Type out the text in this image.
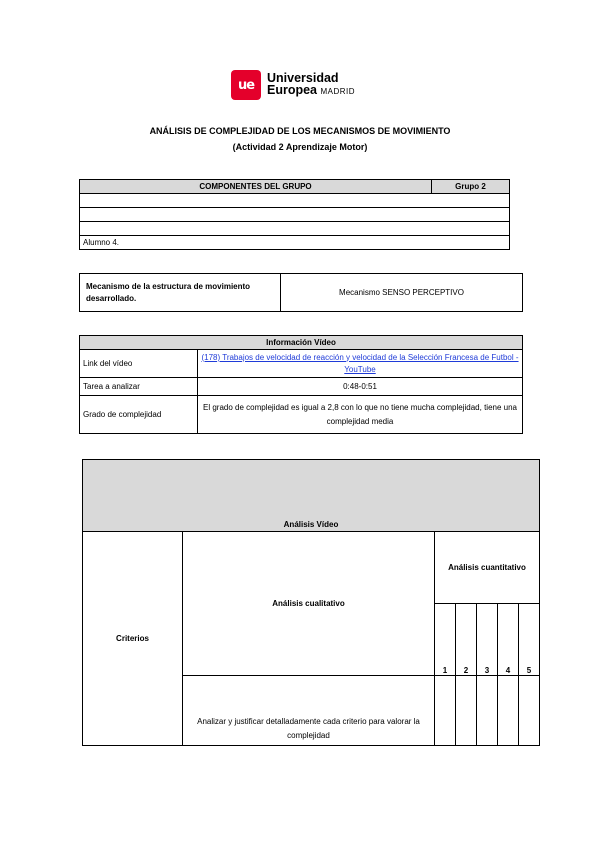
ue	Universidad
Europea MADRID
ANÁLISIS DE COMPLEJIDAD DE LOS MECANISMOS DE MOVIMIENTO
(Actividad 2 Aprendizaje Motor)
COMPONENTES DEL GRUPO	Grupo 2

Alumno 4.
Mecanismo de la estructura de movimiento desarrollado.	Mecanismo SENSO PERCEPTIVO
Información Vídeo	
Link del vídeo	(178) Trabajos de velocidad de reacción y velocidad de la Selección Francesa de Futbol - YouTube
Tarea a analizar	0:48-0:51
Grado de complejidad	El grado de complejidad es igual a 2,8 con lo que no tiene mucha complejidad, tiene una complejidad media
Análisis Vídeo						
Criterios	Análisis cualitativo	Análisis cuantitativo				
		1	2	3	4	5
	Analizar y justificar detalladamente cada criterio para valorar la complejidad					
